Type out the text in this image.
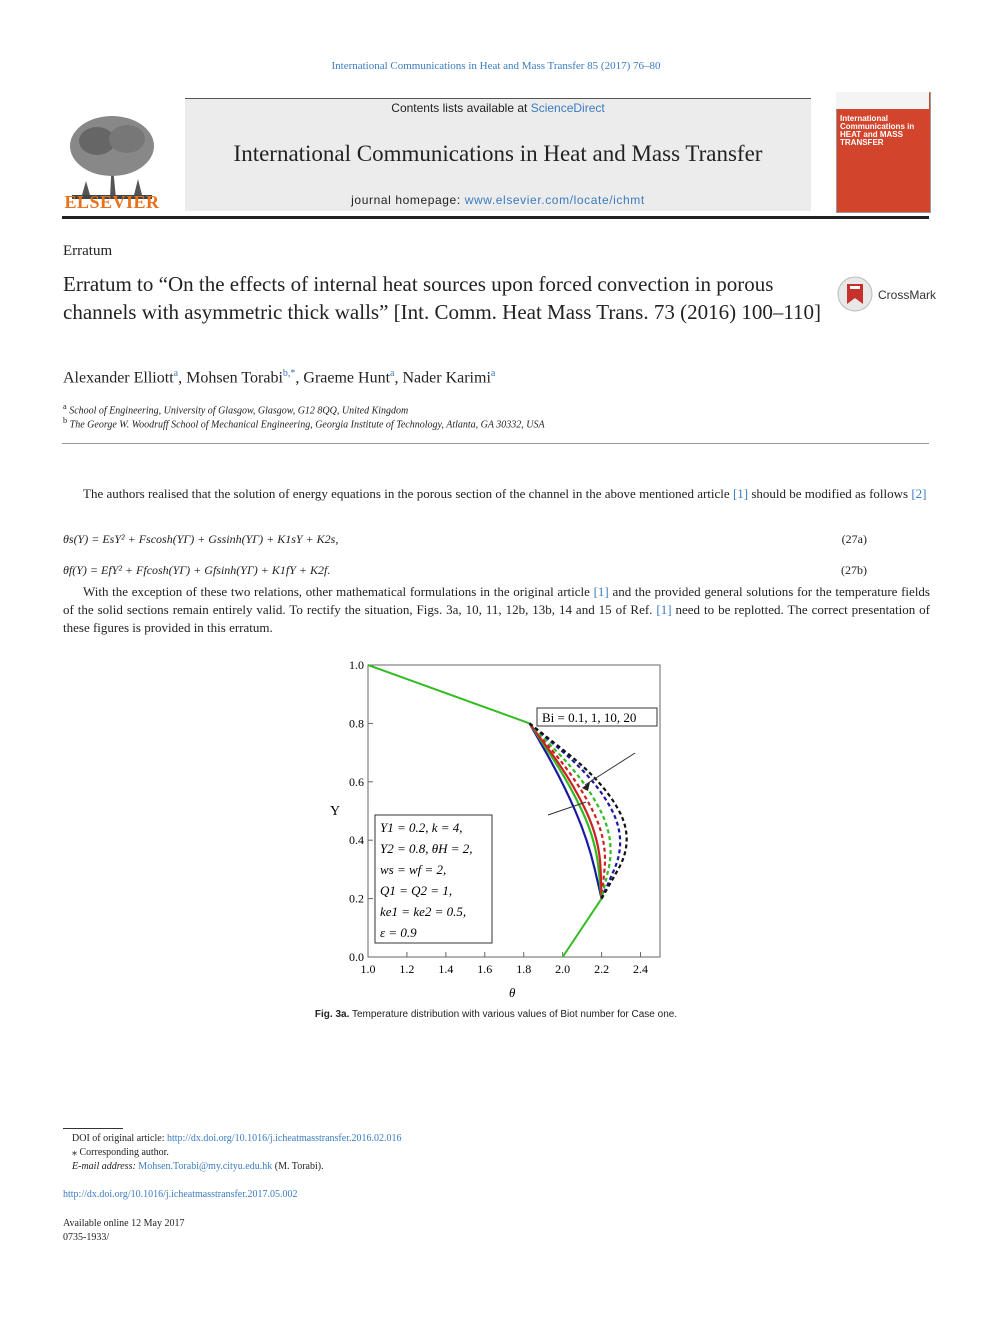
International Communications in Heat and Mass Transfer 85 (2017) 76–80
ELSEVIER
Contents lists available at ScienceDirect
International Communications in Heat and Mass Transfer
journal homepage: www.elsevier.com/locate/ichmt
International Communications in HEAT and MASS TRANSFER
Erratum
Erratum to “On the effects of internal heat sources upon forced convection in porous channels with asymmetric thick walls” [Int. Comm. Heat Mass Trans. 73 (2016) 100–110]
CrossMark
Alexander Elliott$^a$, Mohsen Torabi$^{b,*}$, Graeme Hunt$^a$, Nader Karimi$^a$
$^a$ School of Engineering, University of Glasgow, Glasgow, G12 8QQ, United Kingdom
$^b$ The George W. Woodruff School of Mechanical Engineering, Georgia Institute of Technology, Atlanta, GA 30332, USA
The authors realised that the solution of energy equations in the porous section of the channel in the above mentioned article [1] should be modified as follows [2]
θs(Y) = EsY² + Fscosh(YΓ) + Gssinh(YΓ) + K1sY + K2s,	(27a)
θf(Y) = EfY² + Ffcosh(YΓ) + Gfsinh(YΓ) + K1fY + K2f.	(27b)
With the exception of these two relations, other mathematical formulations in the original article [1] and the provided general solutions for the temperature fields of the solid sections remain entirely valid. To rectify the situation, Figs. 3a, 10, 11, 12b, 13b, 14 and 15 of Ref. [1] need to be replotted. The correct presentation of these figures is provided in this erratum.
1.0 1.2 1.4 1.6 1.8 2.0 2.2 2.4
0.0
0.2
0.4
0.6
0.8
1.0
Bi = 0.1, 1, 10, 20
Y1 = 0.2, k = 4,
Y2 = 0.8, θH = 2,
ws = wf = 2,
Q1 = Q2 = 1,
ke1 = ke2 = 0.5,
ε = 0.9
Y
θ
Fig. 3a. Temperature distribution with various values of Biot number for Case one.
DOI of original article: http://dx.doi.org/10.1016/j.icheatmasstransfer.2016.02.016
⁎ Corresponding author.
E-mail address: Mohsen.Torabi@my.cityu.edu.hk (M. Torabi).
http://dx.doi.org/10.1016/j.icheatmasstransfer.2017.05.002
Available online 12 May 2017
0735-1933/
